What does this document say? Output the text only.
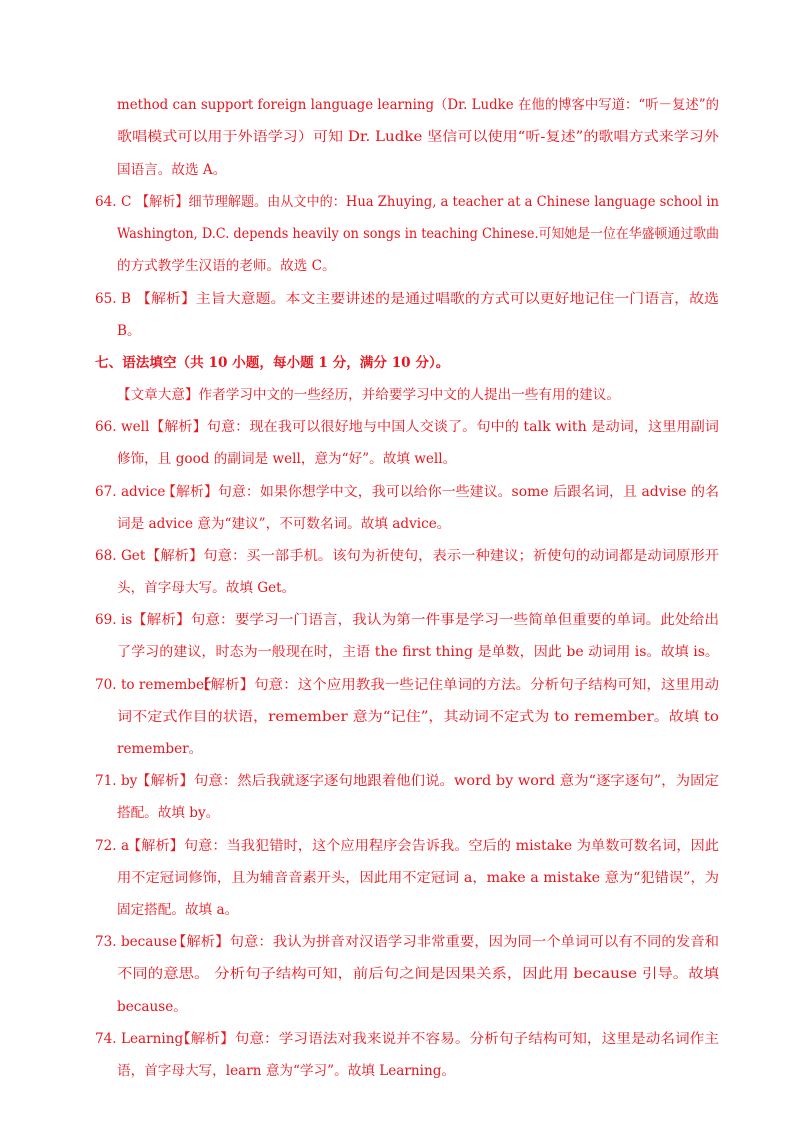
method can support foreign language learning（Dr. Ludke 在他的博客中写道：“听－复述”的
歌唱模式可以用于外语学习）可知 Dr. Ludke 坚信可以使用“听-复述”的歌唱方式来学习外
国语言。故选 A。
64. C 【解析】细节理解题。由从文中的：Hua Zhuying, a teacher at a Chinese language school in
Washington, D.C. depends heavily on songs in teaching Chinese.可知她是一位在华盛顿通过歌曲
的方式教学生汉语的老师。故选 C。
65. B 【解析】主旨大意题。本文主要讲述的是通过唱歌的方式可以更好地记住一门语言，故选
B。
七、语法填空（共 10 小题，每小题 1 分，满分 10 分）。
【文章大意】作者学习中文的一些经历，并给要学习中文的人提出一些有用的建议。
66. well 【解析】句意：现在我可以很好地与中国人交谈了。句中的 talk with 是动词，这里用副词
修饰，且 good 的副词是 well，意为“好”。故填 well。
67. advice
【解析】句意：如果你想学中文，我可以给你一些建议。some 后跟名词，且 advise 的名
词是 advice 意为“建议”，不可数名词。故填 advice。
68. Get 【解析】句意：买一部手机。该句为祈使句，表示一种建议；祈使句的动词都是动词原形开
头，首字母大写。故填 Get。
69. is 【解析】句意：要学习一门语言，我认为第一件事是学习一些简单但重要的单词。此处给出
了学习的建议，时态为一般现在时，主语 the first thing 是单数，因此 be 动词用 is。故填 is。
70. to remember
【解析】句意：这个应用教我一些记住单词的方法。分析句子结构可知，这里用动
词不定式作目的状语，remember 意为“记住”，其动词不定式为 to remember。故填 to
remember。
71. by
【解析】句意：然后我就逐字逐句地跟着他们说。word by word 意为“逐字逐句”，为固定
搭配。故填 by。
72. a
【解析】句意：当我犯错时，这个应用程序会告诉我。空后的 mistake 为单数可数名词，因此
用不定冠词修饰，且为辅音音素开头，因此用不定冠词 a，make a mistake 意为“犯错误”，为
固定搭配。故填 a。
73. because
【解析】句意：我认为拼音对汉语学习非常重要，因为同一个单词可以有不同的发音和
不同的意思。 分析句子结构可知，前后句之间是因果关系，因此用 because 引导。故填
because。
74. Learning
【解析】句意：学习语法对我来说并不容易。分析句子结构可知，这里是动名词作主
语，首字母大写，learn 意为“学习”。故填 Learning。
